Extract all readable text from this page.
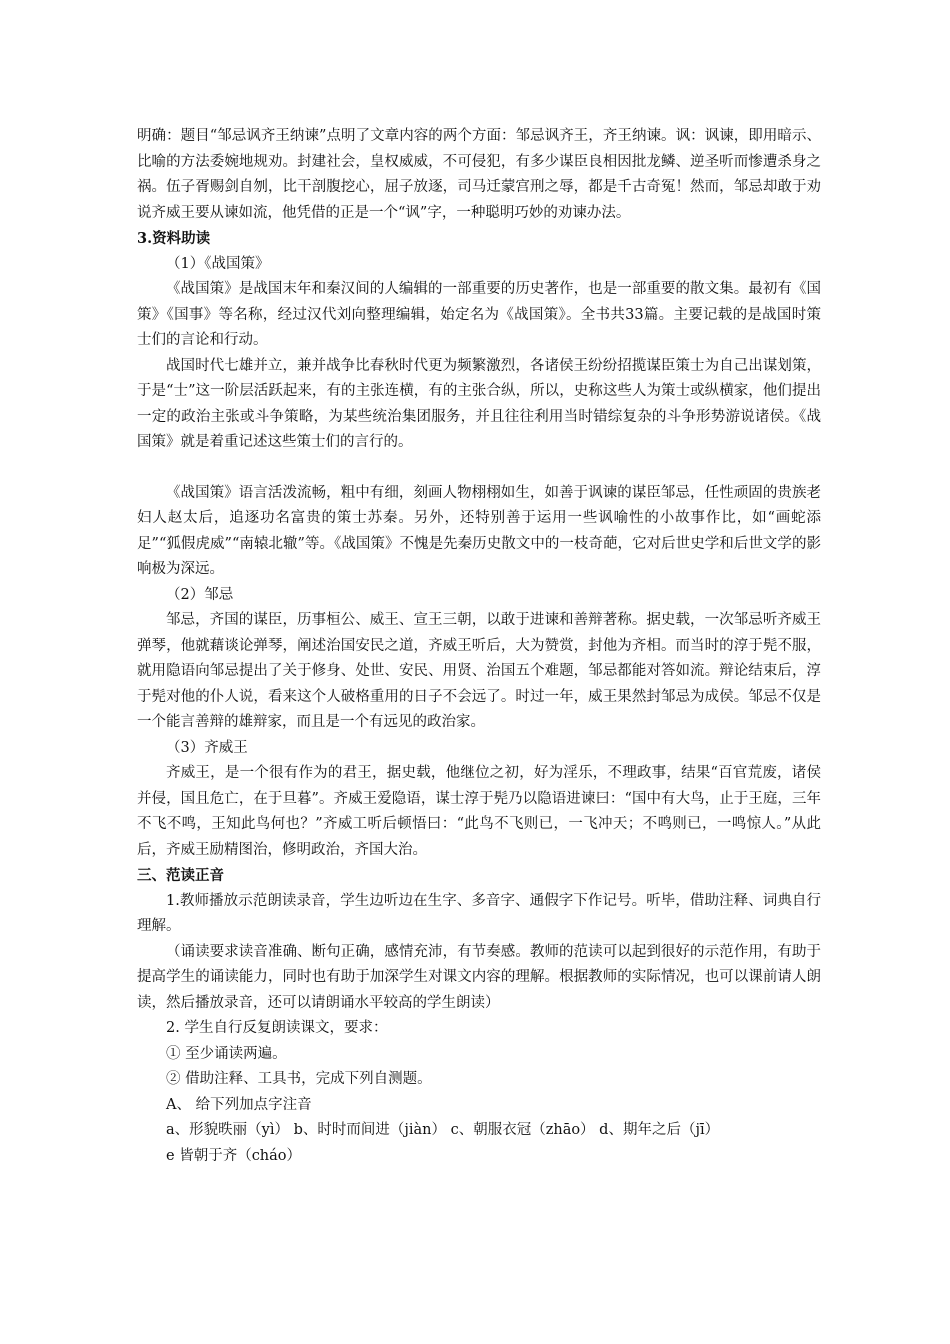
明确：题目“邹忌讽齐王纳谏”点明了文章内容的两个方面：邹忌讽齐王，齐王纳谏。讽：讽谏，即用暗示、比喻的方法委婉地规劝。封建社会，皇权威威，不可侵犯，有多少谋臣良相因批龙鳞、逆圣听而惨遭杀身之祸。伍子胥赐剑自刎，比干剖腹挖心，屈子放逐，司马迁蒙宫刑之辱，都是千古奇冤！然而，邹忌却敢于劝说齐威王要从谏如流，他凭借的正是一个“讽”字，一种聪明巧妙的劝谏办法。

3.资料助读

（1）《战国策》

《战国策》是战国末年和秦汉间的人编辑的一部重要的历史著作，也是一部重要的散文集。最初有《国策》《国事》等名称，经过汉代刘向整理编辑，始定名为《战国策》。全书共33篇。主要记载的是战国时策士们的言论和行动。

战国时代七雄并立，兼并战争比春秋时代更为频繁激烈，各诸侯王纷纷招揽谋臣策士为自己出谋划策，于是“士”这一阶层活跃起来，有的主张连横，有的主张合纵，所以，史称这些人为策士或纵横家，他们提出一定的政治主张或斗争策略，为某些统治集团服务，并且往往利用当时错综复杂的斗争形势游说诸侯。《战国策》就是着重记述这些策士们的言行的。

《战国策》语言活泼流畅，粗中有细，刻画人物栩栩如生，如善于讽谏的谋臣邹忌，任性顽固的贵族老妇人赵太后，追逐功名富贵的策士苏秦。另外，还特别善于运用一些讽喻性的小故事作比，如“画蛇添足”“狐假虎威”“南辕北辙”等。《战国策》不愧是先秦历史散文中的一枝奇葩，它对后世史学和后世文学的影响极为深远。

（2）邹忌

邹忌，齐国的谋臣，历事桓公、威王、宣王三朝，以敢于进谏和善辩著称。据史载，一次邹忌听齐威王弹琴，他就藉谈论弹琴，阐述治国安民之道，齐威王听后，大为赞赏，封他为齐相。而当时的淳于髡不服，就用隐语向邹忌提出了关于修身、处世、安民、用贤、治国五个难题，邹忌都能对答如流。辩论结束后，淳于髡对他的仆人说，看来这个人破格重用的日子不会远了。时过一年，威王果然封邹忌为成侯。邹忌不仅是一个能言善辩的雄辩家，而且是一个有远见的政治家。

（3）齐威王

齐威王，是一个很有作为的君王，据史载，他继位之初，好为淫乐，不理政事，结果“百官荒废，诸侯并侵，国且危亡，在于旦暮”。齐威王爱隐语，谋士淳于髡乃以隐语进谏曰：“国中有大鸟，止于王庭，三年不飞不鸣，王知此鸟何也？”齐威工听后顿悟曰：“此鸟不飞则已，一飞冲天；不鸣则已，一鸣惊人。”从此后，齐威王励精图治，修明政治，齐国大治。

三、范读正音

1.教师播放示范朗读录音，学生边听边在生字、多音字、通假字下作记号。听毕，借助注释、词典自行理解。

（诵读要求读音准确、断句正确，感情充沛，有节奏感。教师的范读可以起到很好的示范作用，有助于提高学生的诵读能力，同时也有助于加深学生对课文内容的理解。根据教师的实际情况，也可以课前请人朗读，然后播放录音，还可以请朗诵水平较高的学生朗读）

2. 学生自行反复朗读课文，要求：

① 至少诵读两遍。

② 借助注释、工具书，完成下列自测题。

A、 给下列加点字注音

a、形貌昳丽（yì） b、时时而间进（jiàn） c、朝服衣冠（zhāo） d、期年之后（jī）

e 皆朝于齐（cháo）
